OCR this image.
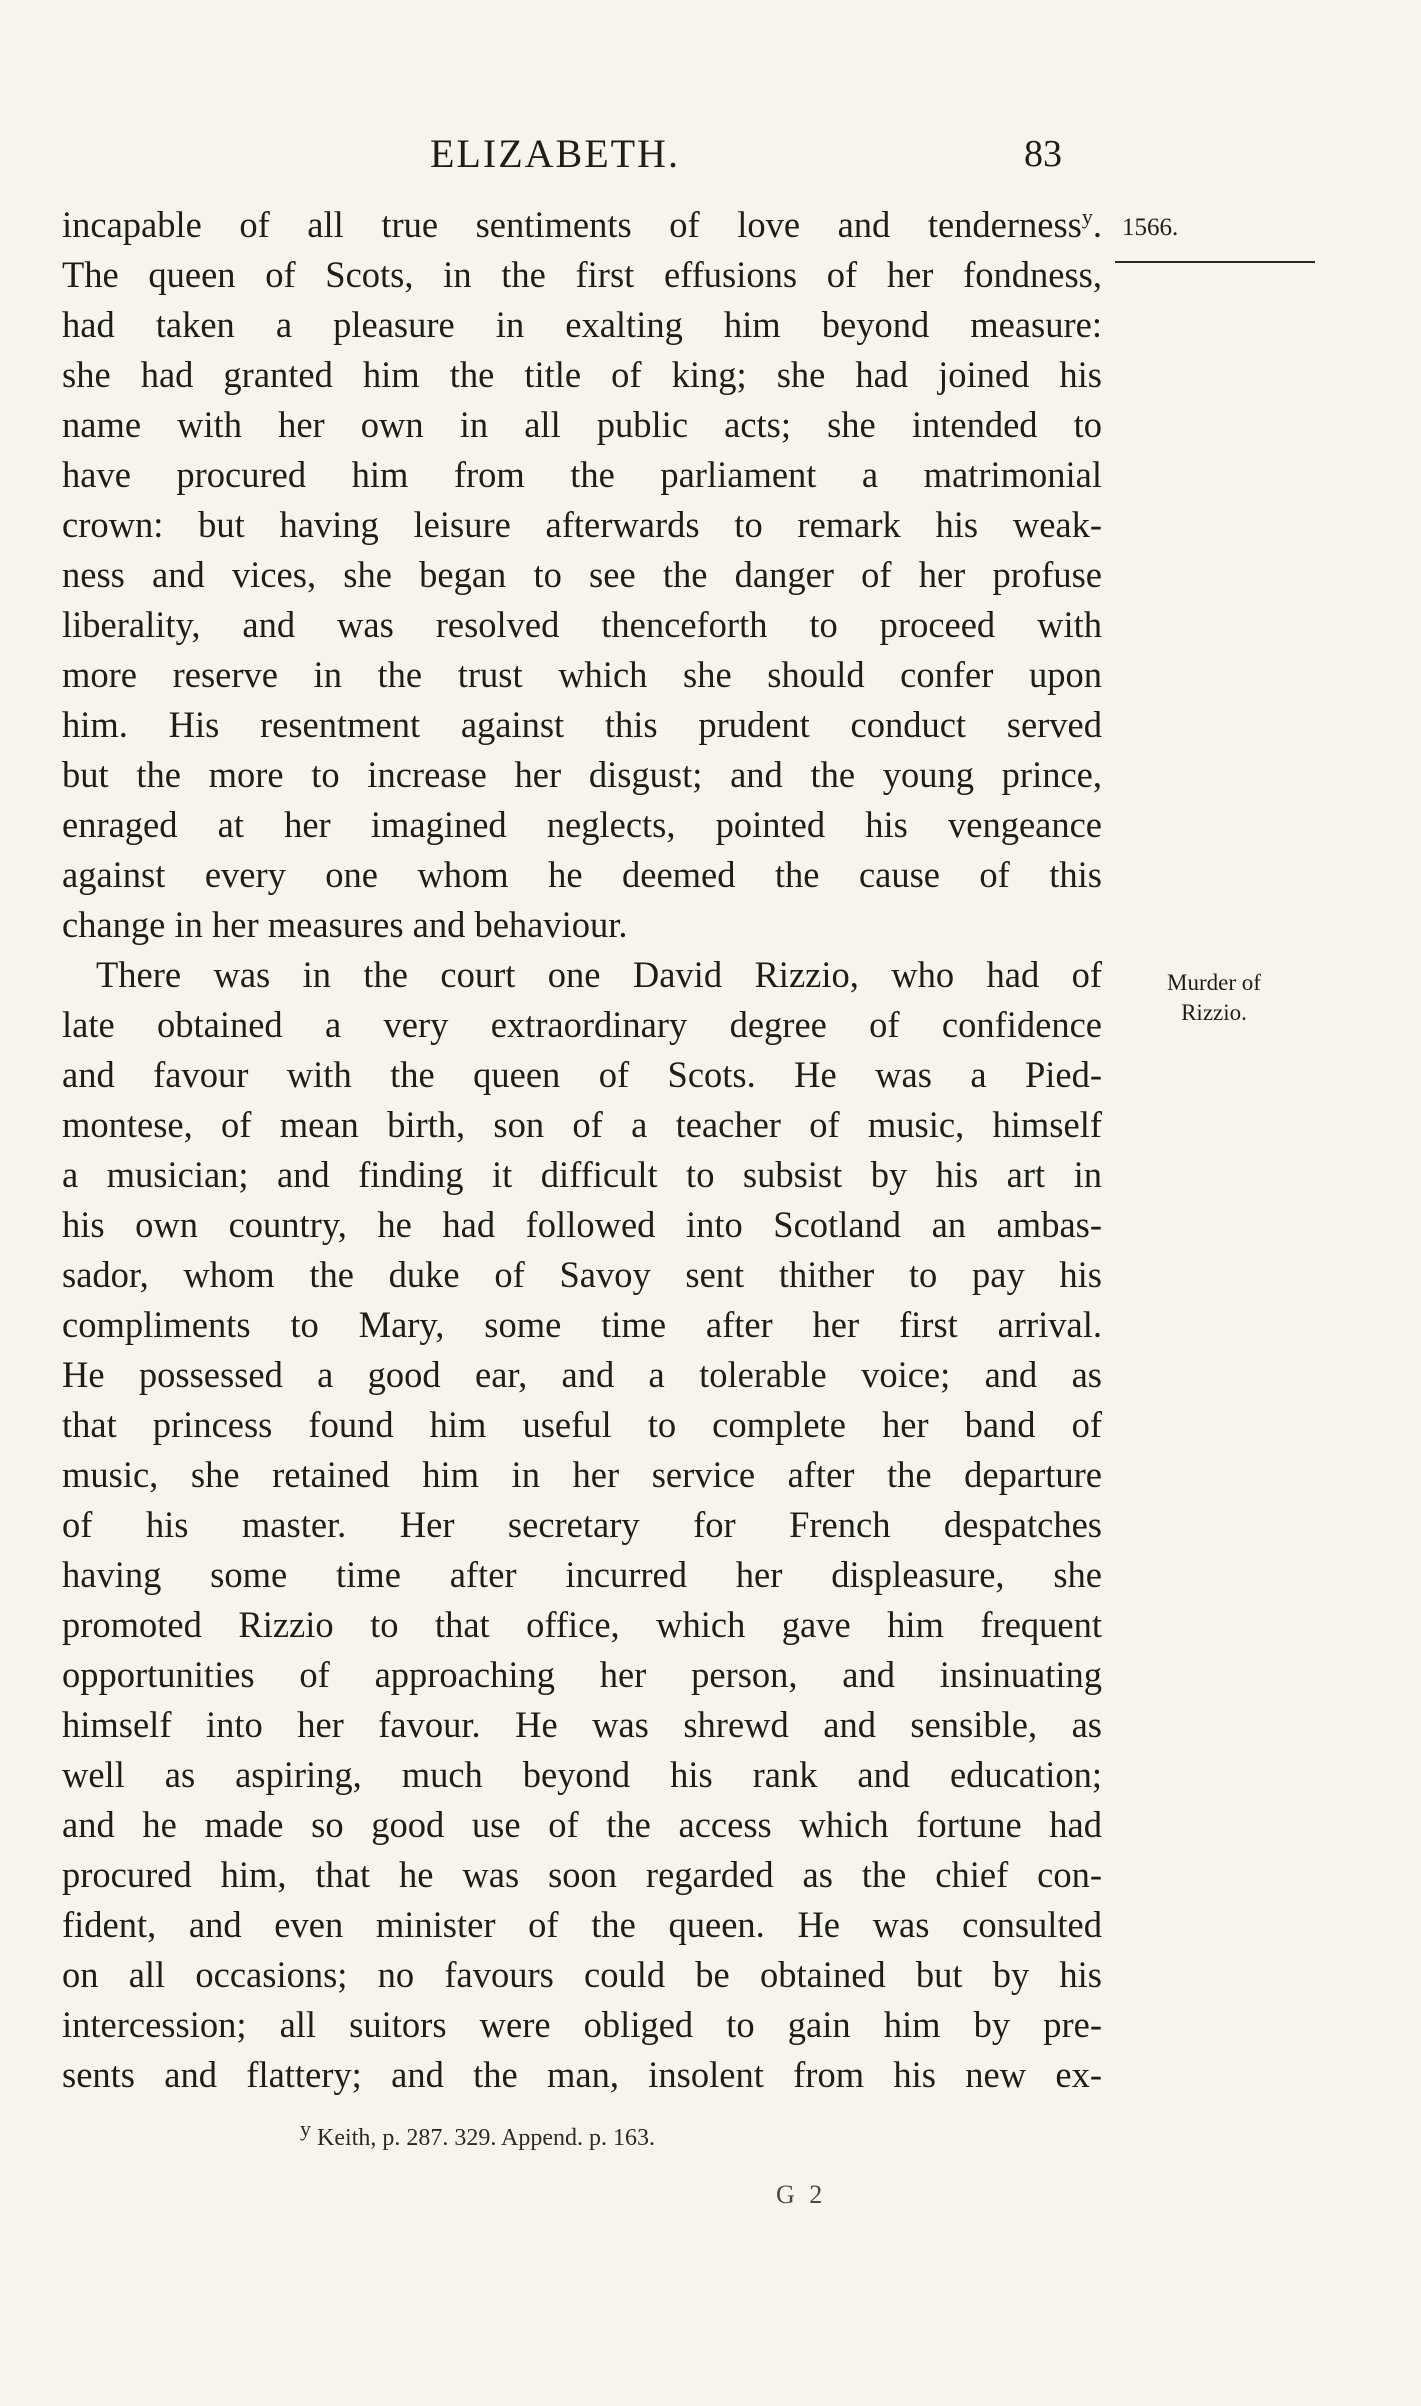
ELIZABETH.	83
1566.
Murder of
Rizzio.
incapable of all true sentiments of love and tenderness$^y$.
The queen of Scots, in the first effusions of her fondness,
had taken a pleasure in exalting him beyond measure:
she had granted him the title of king; she had joined his
name with her own in all public acts; she intended to
have procured him from the parliament a matrimonial
crown: but having leisure afterwards to remark his weak-
ness and vices, she began to see the danger of her profuse
liberality, and was resolved thenceforth to proceed with
more reserve in the trust which she should confer upon
him. His resentment against this prudent conduct served
but the more to increase her disgust; and the young prince,
enraged at her imagined neglects, pointed his vengeance
against every one whom he deemed the cause of this
change in her measures and behaviour.
There was in the court one David Rizzio, who had of
late obtained a very extraordinary degree of confidence
and favour with the queen of Scots. He was a Pied-
montese, of mean birth, son of a teacher of music, himself
a musician; and finding it difficult to subsist by his art in
his own country, he had followed into Scotland an ambas-
sador, whom the duke of Savoy sent thither to pay his
compliments to Mary, some time after her first arrival.
He possessed a good ear, and a tolerable voice; and as
that princess found him useful to complete her band of
music, she retained him in her service after the departure
of his master. Her secretary for French despatches
having some time after incurred her displeasure, she
promoted Rizzio to that office, which gave him frequent
opportunities of approaching her person, and insinuating
himself into her favour. He was shrewd and sensible, as
well as aspiring, much beyond his rank and education;
and he made so good use of the access which fortune had
procured him, that he was soon regarded as the chief con-
fident, and even minister of the queen. He was consulted
on all occasions; no favours could be obtained but by his
intercession; all suitors were obliged to gain him by pre-
sents and flattery; and the man, insolent from his new ex-
$^y$ Keith, p. 287. 329. Append. p. 163.
G 2
